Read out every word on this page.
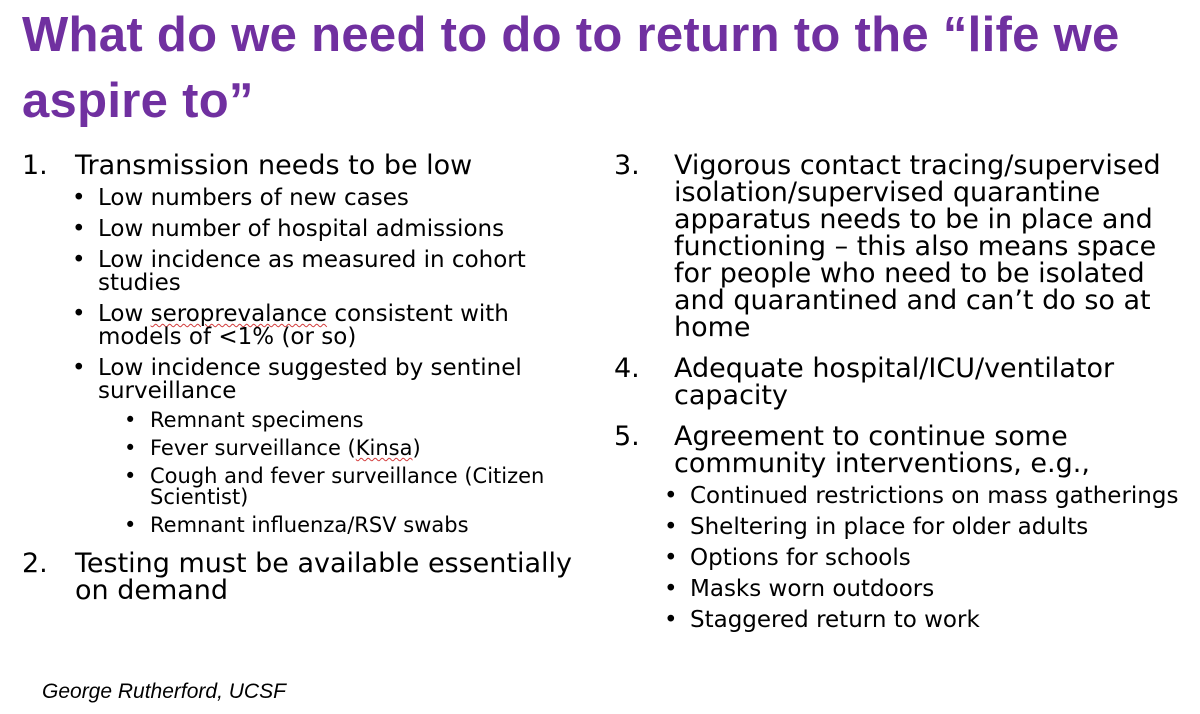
What do we need to do to return to the “life we aspire to”
1.	Transmission needs to be low
• Low numbers of new cases
• Low number of hospital admissions
• Low incidence as measured in cohort studies
• Low seroprevalance consistent with models of <1% (or so)
• Low incidence suggested by sentinel surveillance
• Remnant specimens
• Fever surveillance (Kinsa)
• Cough and fever surveillance (Citizen Scientist)
• Remnant influenza/RSV swabs
2.	Testing must be available essentially on demand
3.	Vigorous contact tracing/supervised isolation/supervised quarantine apparatus needs to be in place and functioning – this also means space for people who need to be isolated and quarantined and can’t do so at home
4.	Adequate hospital/ICU/ventilator capacity
5.	Agreement to continue some community interventions, e.g.,
• Continued restrictions on mass gatherings
• Sheltering in place for older adults
• Options for schools
• Masks worn outdoors
• Staggered return to work
George Rutherford, UCSF
